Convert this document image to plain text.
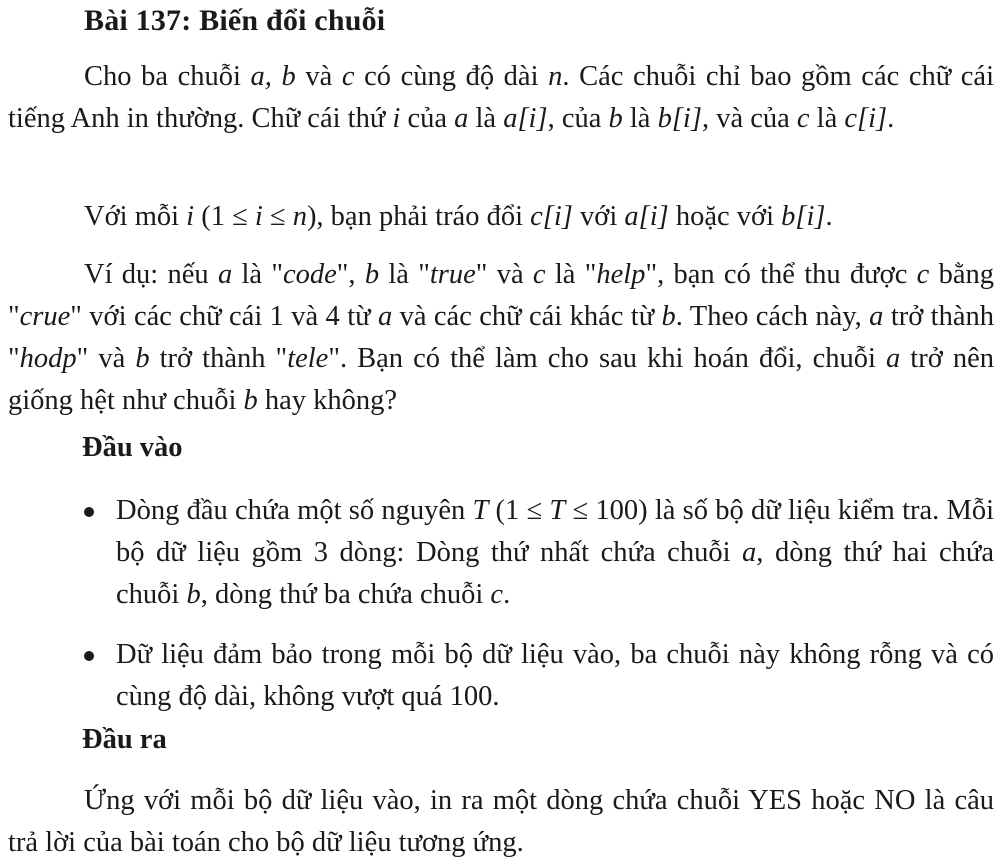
Bài 137: Biến đổi chuỗi

Cho ba chuỗi a, b và c có cùng độ dài n. Các chuỗi chỉ bao gồm các chữ cái tiếng Anh in thường. Chữ cái thứ i của a là a[i], của b là b[i], và của c là c[i].

Với mỗi i (1 ≤ i ≤ n), bạn phải tráo đổi c[i] với a[i] hoặc với b[i].

Ví dụ: nếu a là "code", b là "true" và c là "help", bạn có thể thu được c bằng "crue" với các chữ cái 1 và 4 từ a và các chữ cái khác từ b. Theo cách này, a trở thành "hodp" và b trở thành "tele". Bạn có thể làm cho sau khi hoán đổi, chuỗi a trở nên giống hệt như chuỗi b hay không?

Đầu vào
Dòng đầu chứa một số nguyên T (1 ≤ T ≤ 100) là số bộ dữ liệu kiểm tra. Mỗi bộ dữ liệu gồm 3 dòng: Dòng thứ nhất chứa chuỗi a, dòng thứ hai chứa chuỗi b, dòng thứ ba chứa chuỗi c.
Dữ liệu đảm bảo trong mỗi bộ dữ liệu vào, ba chuỗi này không rỗng và có cùng độ dài, không vượt quá 100.
Đầu ra

Ứng với mỗi bộ dữ liệu vào, in ra một dòng chứa chuỗi YES hoặc NO là câu trả lời của bài toán cho bộ dữ liệu tương ứng.
